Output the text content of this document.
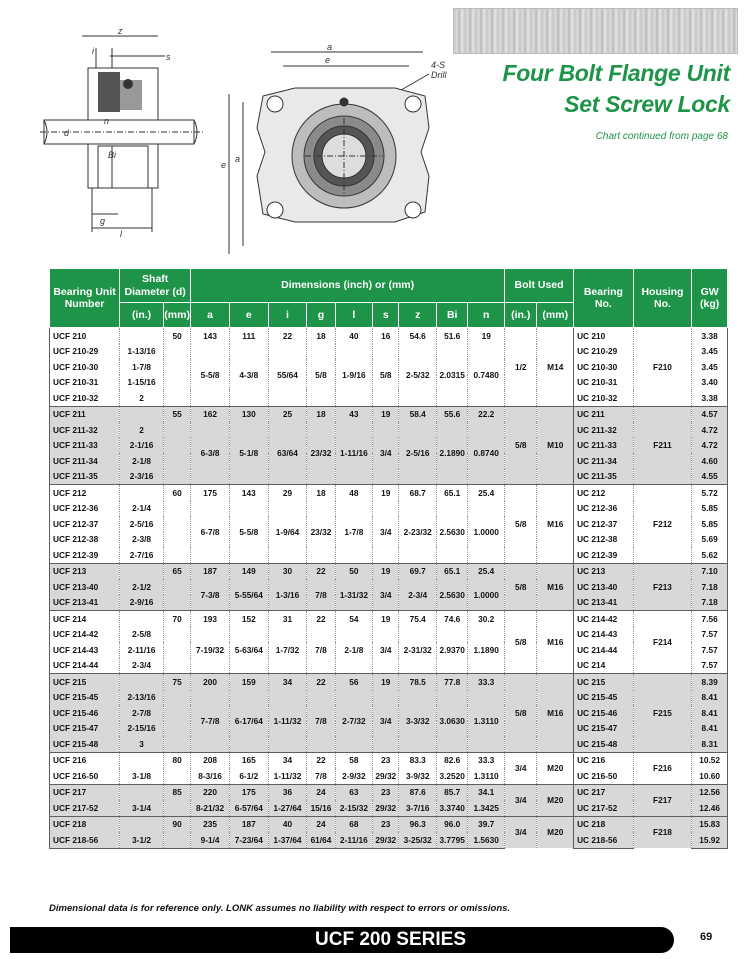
Four Bolt Flange Unit
Set Screw Lock
Chart continued from page 68
z
i
s
d
n
Bi
g
l
a
e
e
a
4-S
Drill
Bearing Unit Number	Shaft Diameter (d)		Dimensions (inch) or (mm)									Bolt Used		Bearing No.	Housing No.	GW (kg)
	(in.)	(mm)	a	e	i	g	l	s	z	Bi	n	(in.)	(mm)			
UCF 210		50	143	111	22	18	40	16	54.6	51.6	19	1/2	M14	UC 210	F210	3.38
UCF 210-29	1-13/16		5-5/8	4-3/8	55/64	5/8	1-9/16	5/8	2-5/32	2.0315	0.7480			UC 210-29		3.45
UCF 210-30	1-7/8													UC 210-30		3.45
UCF 210-31	1-15/16													UC 210-31		3.40
UCF 210-32	2													UC 210-32		3.38
UCF 211		55	162	130	25	18	43	19	58.4	55.6	22.2	5/8	M10	UC 211	F211	4.57
UCF 211-32	2		6-3/8	5-1/8	63/64	23/32	1-11/16	3/4	2-5/16	2.1890	0.8740			UC 211-32		4.72
UCF 211-33	2-1/16													UC 211-33		4.72
UCF 211-34	2-1/8													UC 211-34		4.60
UCF 211-35	2-3/16													UC 211-35		4.55
UCF 212		60	175	143	29	18	48	19	68.7	65.1	25.4	5/8	M16	UC 212	F212	5.72
UCF 212-36	2-1/4		6-7/8	5-5/8	1-9/64	23/32	1-7/8	3/4	2-23/32	2.5630	1.0000			UC 212-36		5.85
UCF 212-37	2-5/16													UC 212-37		5.85
UCF 212-38	2-3/8													UC 212-38		5.69
UCF 212-39	2-7/16													UC 212-39		5.62
UCF 213		65	187	149	30	22	50	19	69.7	65.1	25.4	5/8	M16	UC 213	F213	7.10
UCF 213-40	2-1/2		7-3/8	5-55/64	1-3/16	7/8	1-31/32	3/4	2-3/4	2.5630	1.0000			UC 213-40		7.18
UCF 213-41	2-9/16													UC 213-41		7.18
UCF 214		70	193	152	31	22	54	19	75.4	74.6	30.2	5/8	M16	UC 214-42	F214	7.56
UCF 214-42	2-5/8		7-19/32	5-63/64	1-7/32	7/8	2-1/8	3/4	2-31/32	2.9370	1.1890			UC 214-43		7.57
UCF 214-43	2-11/16													UC 214-44		7.57
UCF 214-44	2-3/4													UC 214		7.57
UCF 215		75	200	159	34	22	56	19	78.5	77.8	33.3	5/8	M16	UC 215	F215	8.39
UCF 215-45	2-13/16		7-7/8	6-17/64	1-11/32	7/8	2-7/32	3/4	3-3/32	3.0630	1.3110			UC 215-45		8.41
UCF 215-46	2-7/8													UC 215-46		8.41
UCF 215-47	2-15/16													UC 215-47		8.41
UCF 215-48	3													UC 215-48		8.31
UCF 216		80	208	165	34	22	58	23	83.3	82.6	33.3	3/4	M20	UC 216	F216	10.52
UCF 216-50	3-1/8		8-3/16	6-1/2	1-11/32	7/8	2-9/32	29/32	3-9/32	3.2520	1.3110			UC 216-50		10.60
UCF 217		85	220	175	36	24	63	23	87.6	85.7	34.1	3/4	M20	UC 217	F217	12.56
UCF 217-52	3-1/4		8-21/32	6-57/64	1-27/64	15/16	2-15/32	29/32	3-7/16	3.3740	1.3425			UC 217-52		12.46
UCF 218		90	235	187	40	24	68	23	96.3	96.0	39.7	3/4	M20	UC 218	F218	15.83
UCF 218-56	3-1/2		9-1/4	7-23/64	1-37/64	61/64	2-11/16	29/32	3-25/32	3.7795	1.5630			UC 218-56		15.92
Dimensional data is for reference only. LONK assumes no liability with respect to errors or omissions.
UCF 200 SERIES	69
